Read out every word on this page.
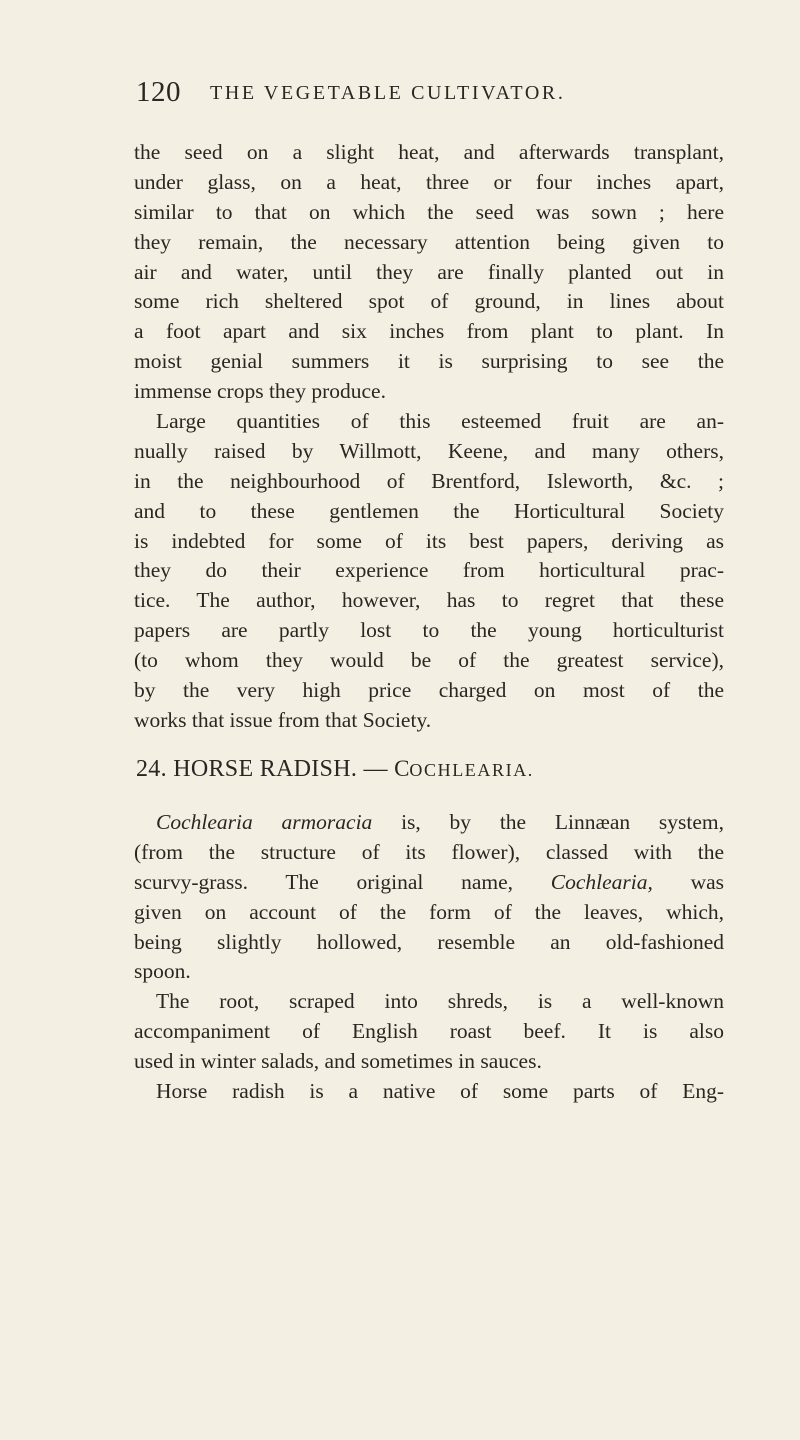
120 THE VEGETABLE CULTIVATOR.
the seed on a slight heat, and afterwards transplant,
under glass, on a heat, three or four inches apart,
similar to that on which the seed was sown ; here
they remain, the necessary attention being given to
air and water, until they are finally planted out in
some rich sheltered spot of ground, in lines about
a foot apart and six inches from plant to plant. In
moist genial summers it is surprising to see the
immense crops they produce.
Large quantities of this esteemed fruit are an-
nually raised by Willmott, Keene, and many others,
in the neighbourhood of Brentford, Isleworth, &c. ;
and to these gentlemen the Horticultural Society
is indebted for some of its best papers, deriving as
they do their experience from horticultural prac-
tice. The author, however, has to regret that these
papers are partly lost to the young horticulturist
(to whom they would be of the greatest service),
by the very high price charged on most of the
works that issue from that Society.
24. HORSE RADISH. — COCHLEARIA.
Cochlearia armoracia is, by the Linnæan system,
(from the structure of its flower), classed with the
scurvy-grass. The original name, Cochlearia, was
given on account of the form of the leaves, which,
being slightly hollowed, resemble an old-fashioned
spoon.
The root, scraped into shreds, is a well-known
accompaniment of English roast beef. It is also
used in winter salads, and sometimes in sauces.
Horse radish is a native of some parts of Eng-
